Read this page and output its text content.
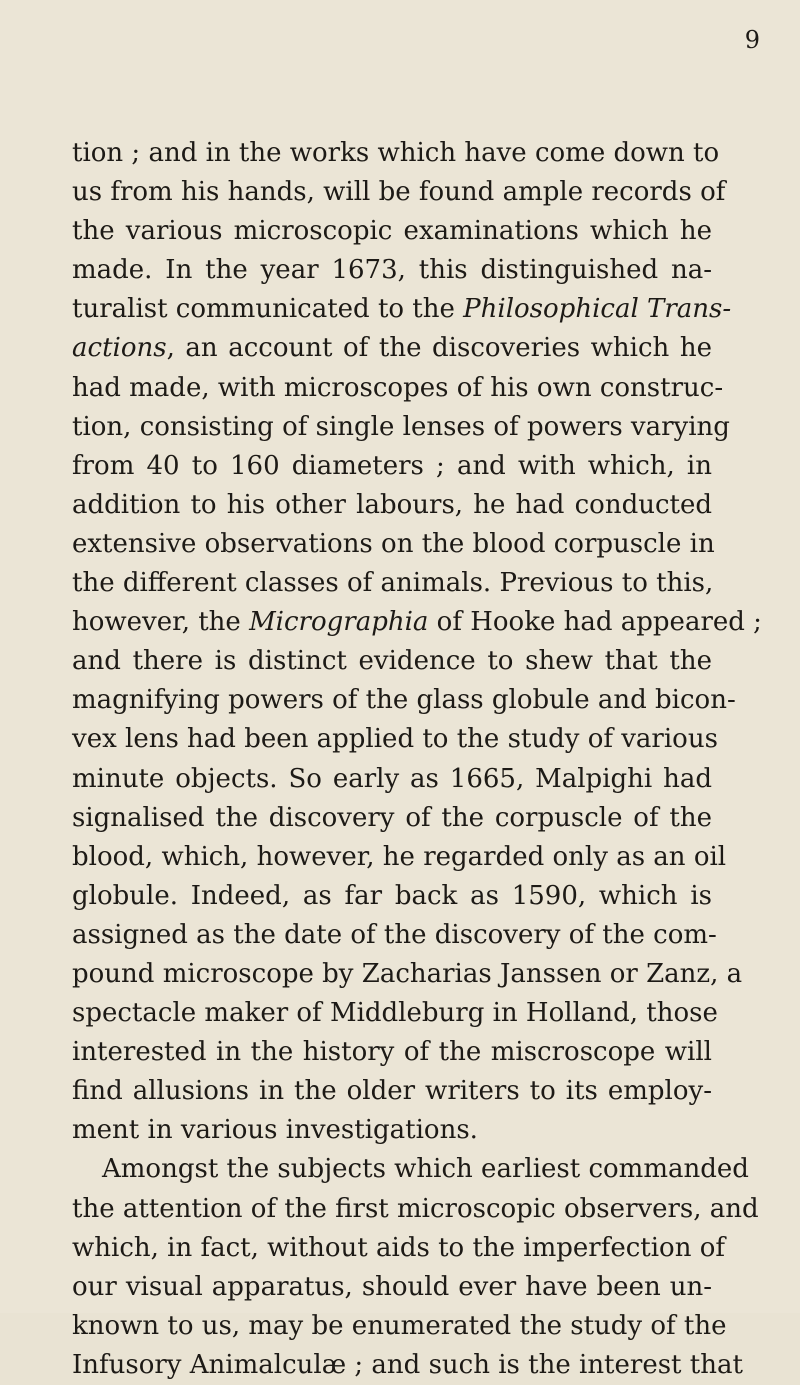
9
tion ; and in the works which have come down to
us from his hands, will be found ample records of
the various microscopic examinations which he
made. In the year 1673, this distinguished na-
turalist communicated to the Philosophical Trans-
actions, an account of the discoveries which he
had made, with microscopes of his own construc-
tion, consisting of single lenses of powers varying
from 40 to 160 diameters ; and with which, in
addition to his other labours, he had conducted
extensive observations on the blood corpuscle in
the different classes of animals. Previous to this,
however, the Micrographia of Hooke had appeared ;
and there is distinct evidence to shew that the
magnifying powers of the glass globule and bicon-
vex lens had been applied to the study of various
minute objects. So early as 1665, Malpighi had
signalised the discovery of the corpuscle of the
blood, which, however, he regarded only as an oil
globule. Indeed, as far back as 1590, which is
assigned as the date of the discovery of the com-
pound microscope by Zacharias Janssen or Zanz, a
spectacle maker of Middleburg in Holland, those
interested in the history of the miscroscope will
find allusions in the older writers to its employ-
ment in various investigations.
Amongst the subjects which earliest commanded
the attention of the first microscopic observers, and
which, in fact, without aids to the imperfection of
our visual apparatus, should ever have been un-
known to us, may be enumerated the study of the
Infusory Animalculæ ; and such is the interest that
